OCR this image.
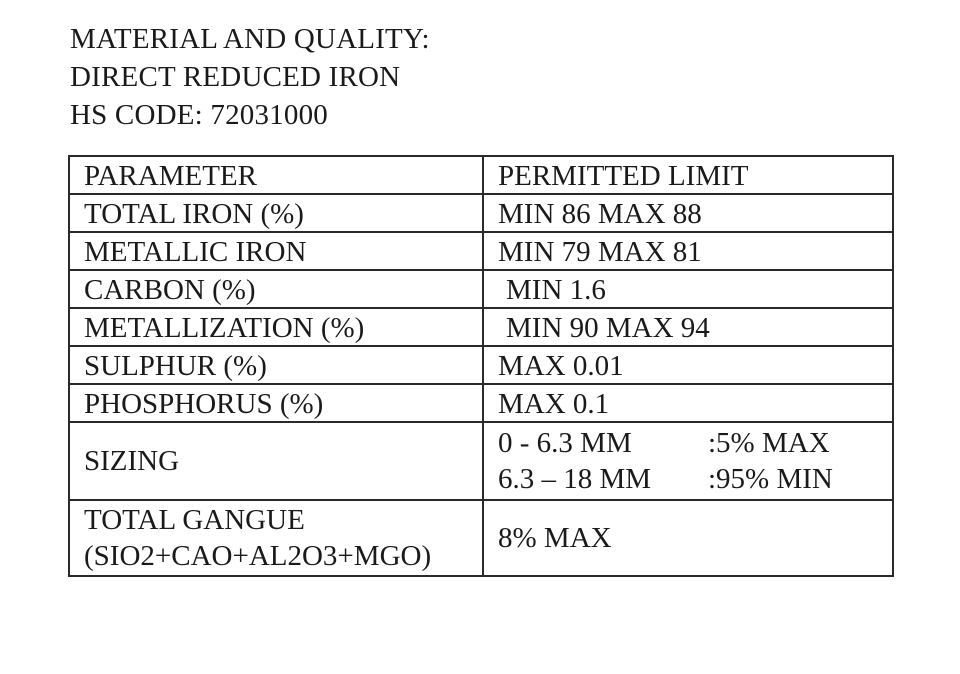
MATERIAL AND QUALITY:
DIRECT REDUCED IRON
HS CODE: 72031000
PARAMETER	PERMITTED LIMIT
TOTAL IRON (%)	MIN 86 MAX 88
METALLIC IRON	MIN 79 MAX 81
CARBON (%)	MIN 1.6
METALLIZATION (%)	MIN 90 MAX 94
SULPHUR (%)	MAX 0.01
PHOSPHORUS (%)	MAX 0.1
SIZING	0 - 6.3 MM :5% MAX
6.3 – 18 MM :95% MIN

TOTAL GANGUE
(SIO2+CAO+AL2O3+MGO)	8% MAX
